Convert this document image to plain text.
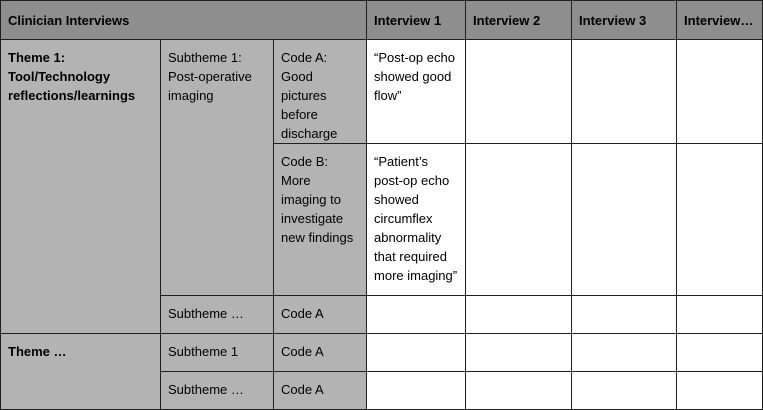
Clinician Interviews			Interview 1	Interview 2	Interview 3	Interview…
Theme 1: Tool/Technology reflections/learnings	Subtheme 1: Post-operative imaging	Code A: Good pictures before discharge	“Post-op echo showed good flow”			
		Code B: More imaging to investigate new findings	“Patient’s post-op echo showed circumflex abnormality that required more imaging”			
	Subtheme …	Code A				
Theme …	Subtheme 1	Code A				
	Subtheme …	Code A				
